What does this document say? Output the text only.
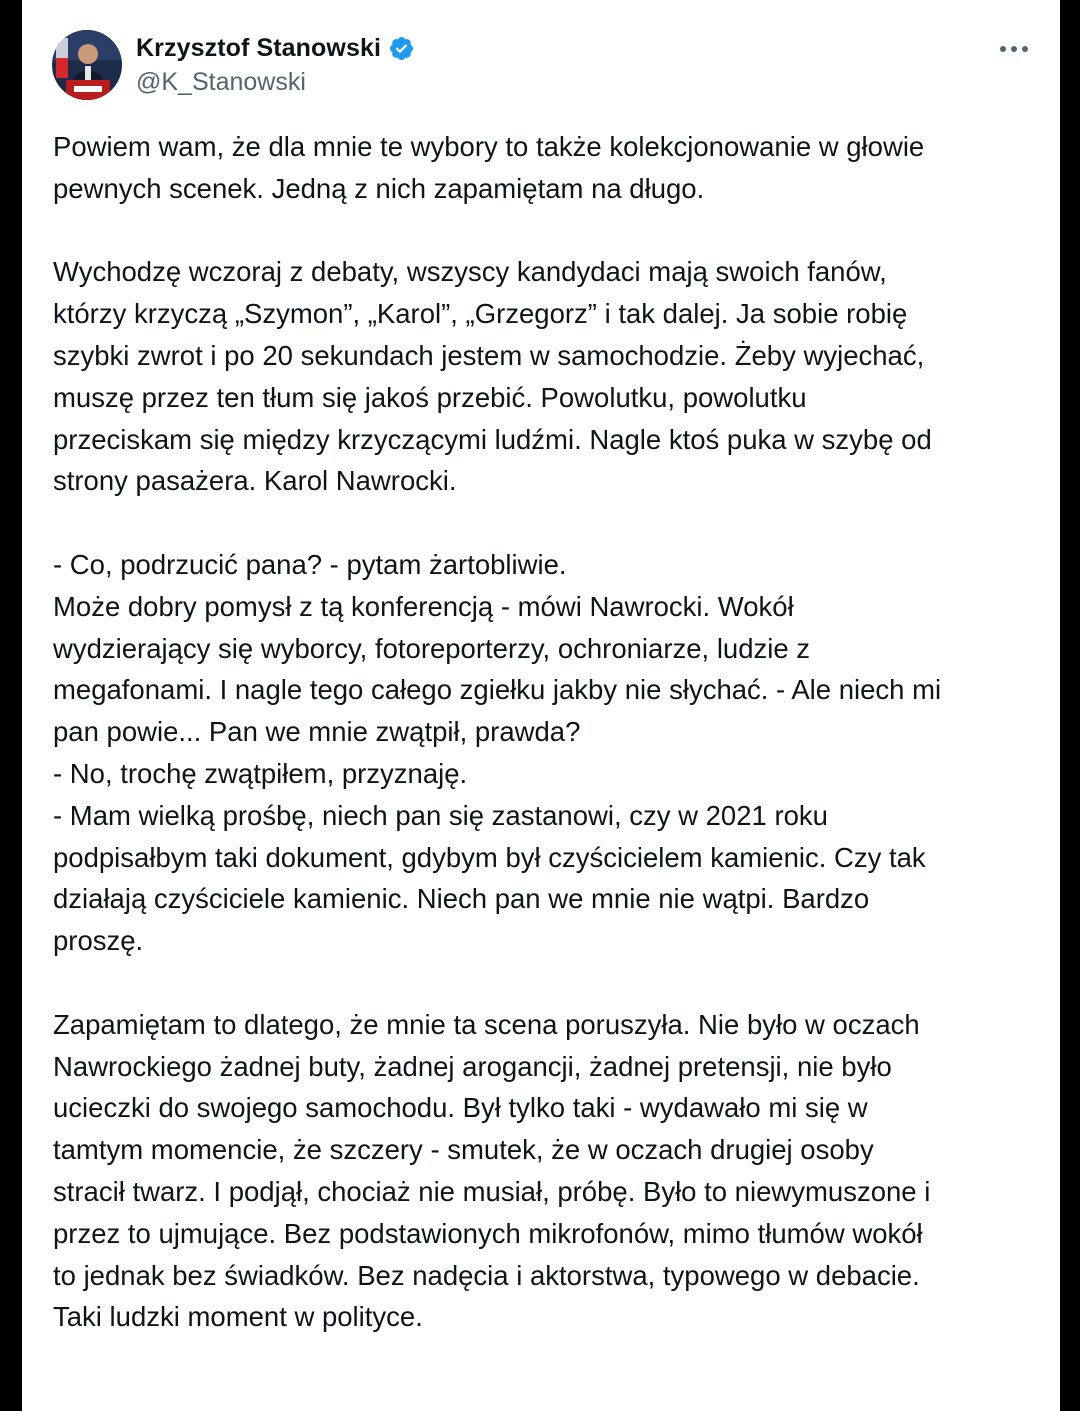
Krzysztof Stanowski
@K_Stanowski

Powiem wam, że dla mnie te wybory to także kolekcjonowanie w głowie
pewnych scenek. Jedną z nich zapamiętam na długo.

Wychodzę wczoraj z debaty, wszyscy kandydaci mają swoich fanów,
którzy krzyczą „Szymon”, „Karol”, „Grzegorz” i tak dalej. Ja sobie robię
szybki zwrot i po 20 sekundach jestem w samochodzie. Żeby wyjechać,
muszę przez ten tłum się jakoś przebić. Powolutku, powolutku
przeciskam się między krzyczącymi ludźmi. Nagle ktoś puka w szybę od
strony pasażera. Karol Nawrocki.

- Co, podrzucić pana? - pytam żartobliwie.
Może dobry pomysł z tą konferencją - mówi Nawrocki. Wokół
wydzierający się wyborcy, fotoreporterzy, ochroniarze, ludzie z
megafonami. I nagle tego całego zgiełku jakby nie słychać. - Ale niech mi
pan powie... Pan we mnie zwątpił, prawda?
- No, trochę zwątpiłem, przyznaję.
- Mam wielką prośbę, niech pan się zastanowi, czy w 2021 roku
podpisałbym taki dokument, gdybym był czyścicielem kamienic. Czy tak
działają czyściciele kamienic. Niech pan we mnie nie wątpi. Bardzo
proszę.

Zapamiętam to dlatego, że mnie ta scena poruszyła. Nie było w oczach
Nawrockiego żadnej buty, żadnej arogancji, żadnej pretensji, nie było
ucieczki do swojego samochodu. Był tylko taki - wydawało mi się w
tamtym momencie, że szczery - smutek, że w oczach drugiej osoby
stracił twarz. I podjął, chociaż nie musiał, próbę. Było to niewymuszone i
przez to ujmujące. Bez podstawionych mikrofonów, mimo tłumów wokół
to jednak bez świadków. Bez nadęcia i aktorstwa, typowego w debacie.
Taki ludzki moment w polityce.
